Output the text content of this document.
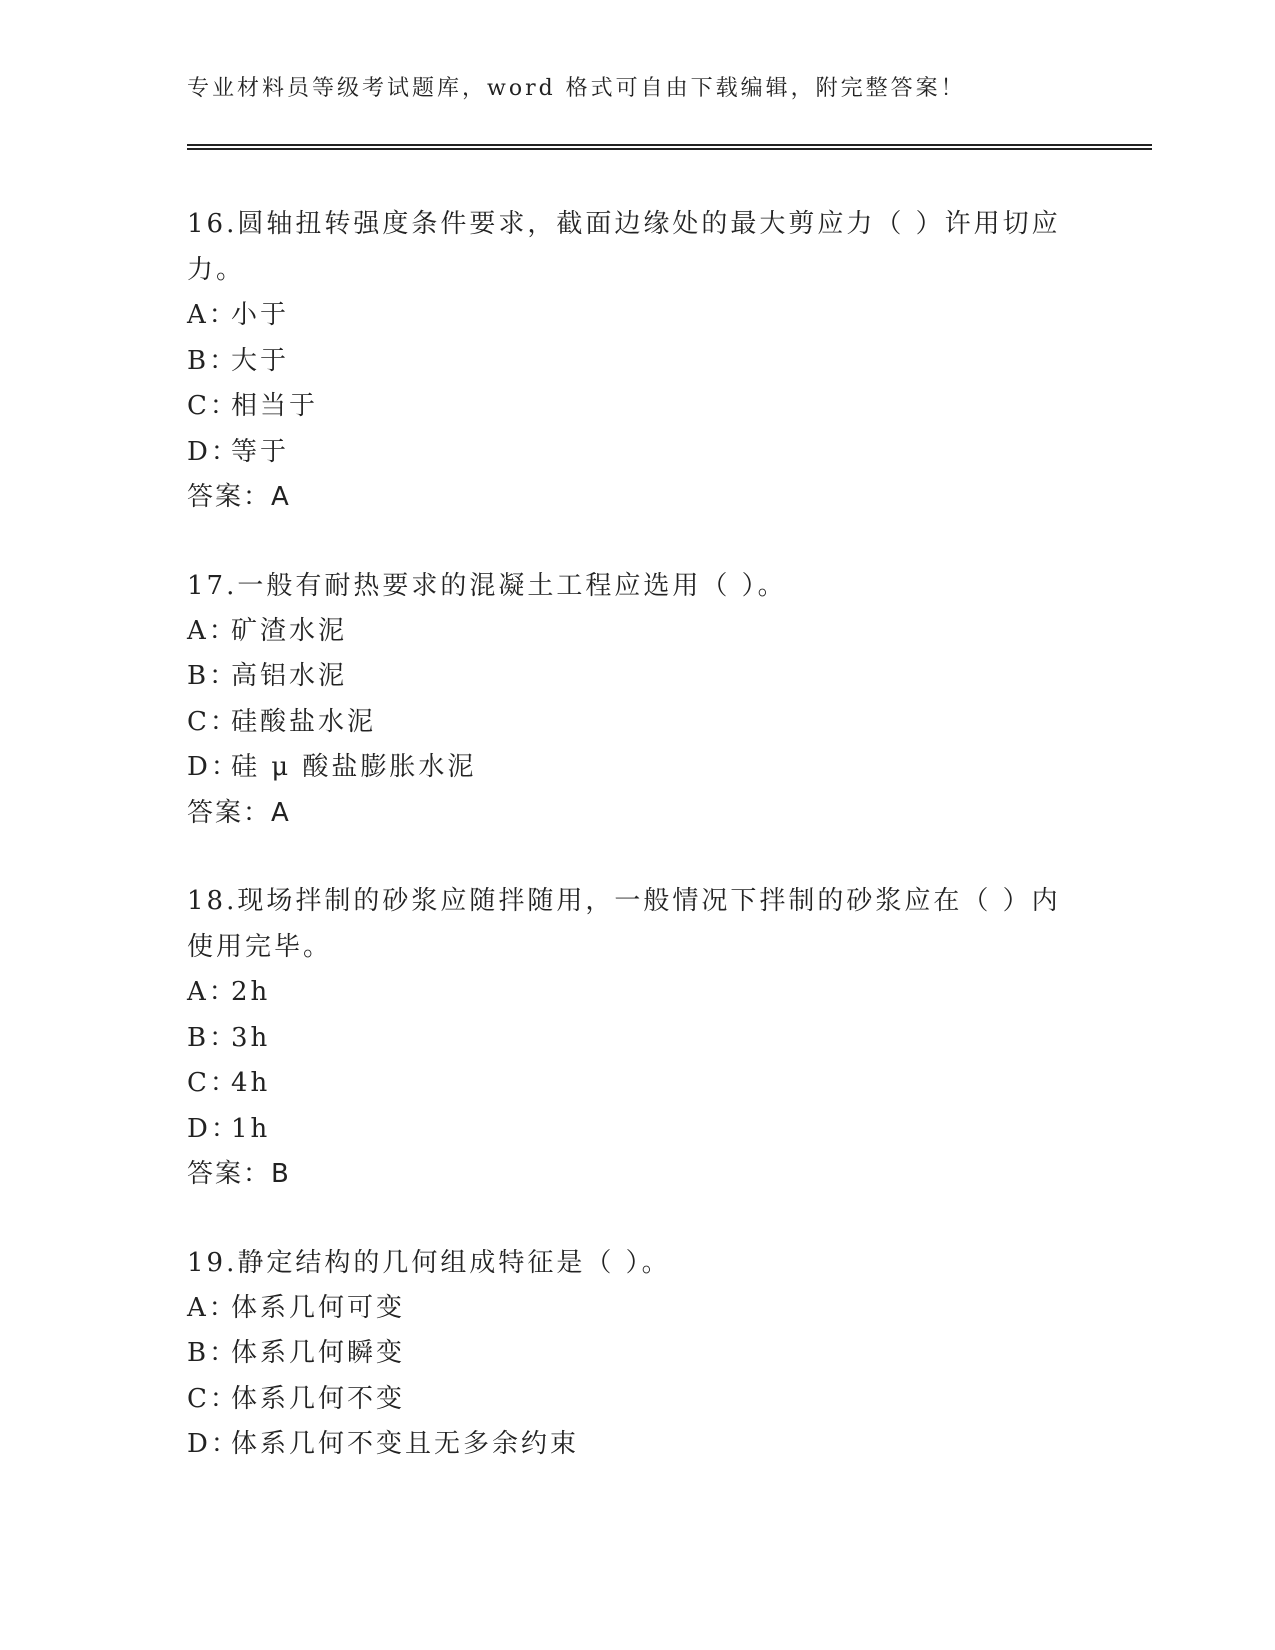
专业材料员等级考试题库，word 格式可自由下载编辑，附完整答案！
16.圆轴扭转强度条件要求，截面边缘处的最大剪应力（ ）许用切应力。
A：小于
B：大于
C：相当于
D：等于
答案：A
17.一般有耐热要求的混凝土工程应选用（ ）。
A：矿渣水泥
B：高铝水泥
C：硅酸盐水泥
D：硅 μ 酸盐膨胀水泥
答案：A
18.现场拌制的砂浆应随拌随用，一般情况下拌制的砂浆应在（ ）内使用完毕。
A：2h
B：3h
C：4h
D：1h
答案：B
19.静定结构的几何组成特征是（ ）。
A：体系几何可变
B：体系几何瞬变
C：体系几何不变
D：体系几何不变且无多余约束
